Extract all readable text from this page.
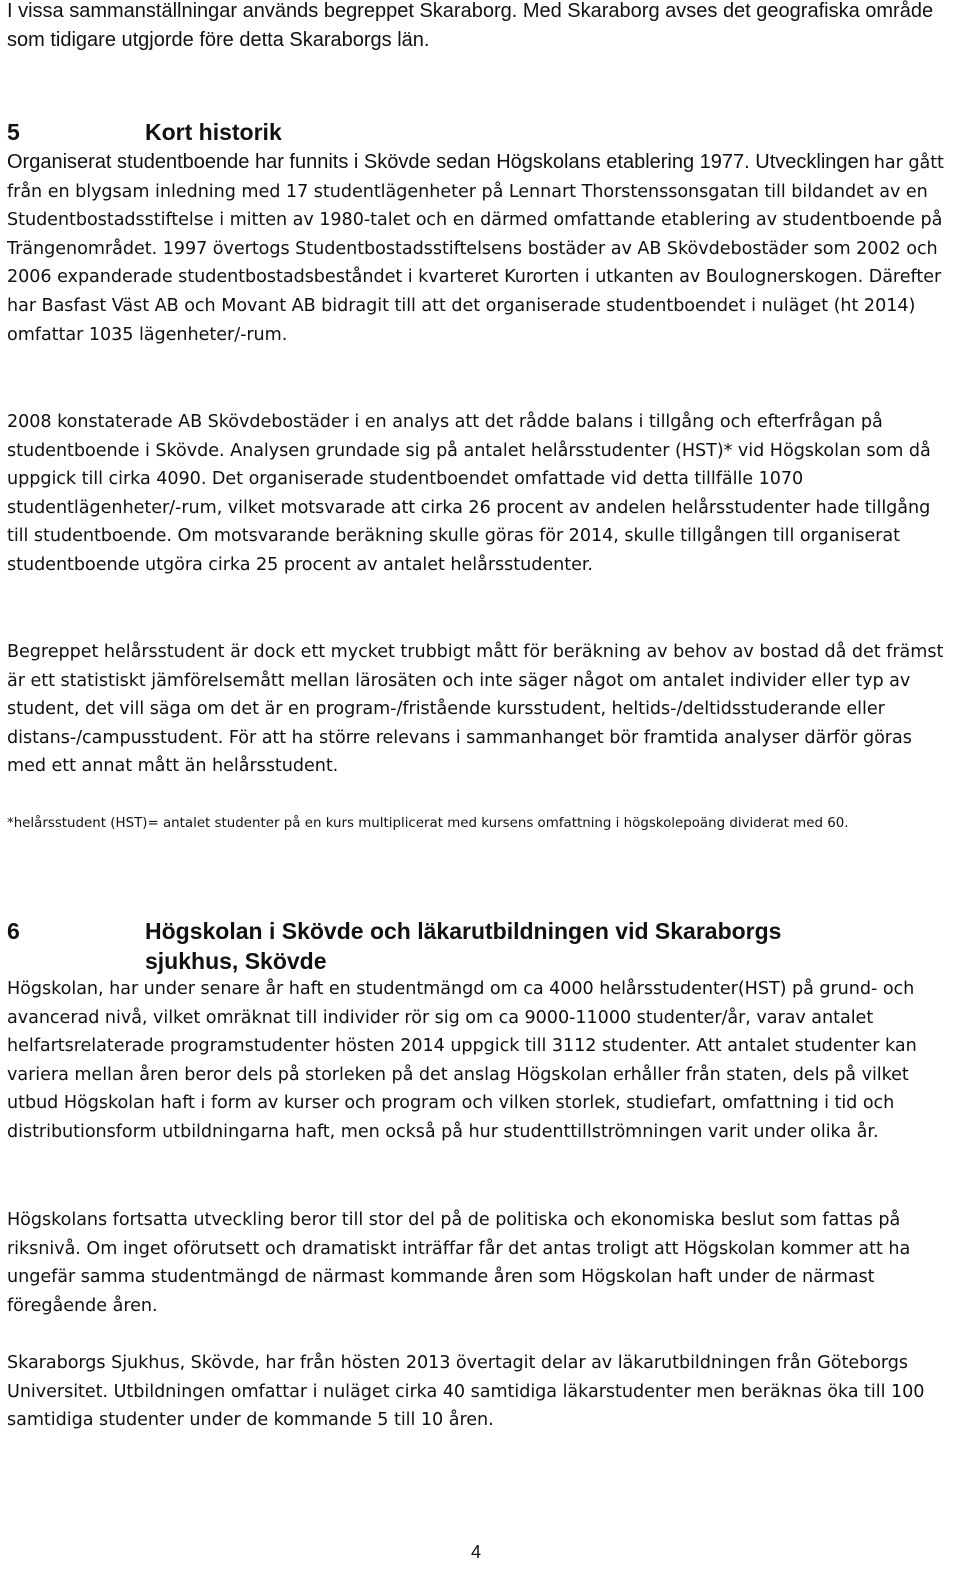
I vissa sammanställningar används begreppet Skaraborg. Med Skaraborg avses det geografiska område som tidigare utgjorde före detta Skaraborgs län.

5	Kort historik

Organiserat studentboende har funnits i Skövde sedan Högskolans etablering 1977. Utvecklingen har gått från en blygsam inledning med 17 studentlägenheter på Lennart Thorstenssonsgatan till bildandet av en Studentbostadsstiftelse i mitten av 1980-talet och en därmed omfattande etablering av studentboende på Trängenområdet. 1997 övertogs Studentbostadsstiftelsens bostäder av AB Skövdebostäder som 2002 och 2006 expanderade studentbostadsbeståndet i kvarteret Kurorten i utkanten av Boulognerskogen. Därefter har Basfast Väst AB och Movant AB bidragit till att det organiserade studentboendet i nuläget (ht 2014) omfattar 1035 lägenheter/-rum.

2008 konstaterade AB Skövdebostäder i en analys att det rådde balans i tillgång och efterfrågan på studentboende i Skövde. Analysen grundade sig på antalet helårsstudenter (HST)* vid Högskolan som då uppgick till cirka 4090. Det organiserade studentboendet omfattade vid detta tillfälle 1070 studentlägenheter/-rum, vilket motsvarade att cirka 26 procent av andelen helårsstudenter hade tillgång till studentboende. Om motsvarande beräkning skulle göras för 2014, skulle tillgången till organiserat studentboende utgöra cirka 25 procent av antalet helårsstudenter.

Begreppet helårsstudent är dock ett mycket trubbigt mått för beräkning av behov av bostad då det främst är ett statistiskt jämförelsemått mellan lärosäten och inte säger något om antalet individer eller typ av student, det vill säga om det är en program-/fristående kursstudent, heltids-/deltidsstuderande eller distans-/campusstudent. För att ha större relevans i sammanhanget bör framtida analyser därför göras med ett annat mått än helårsstudent.

*helårsstudent (HST)= antalet studenter på en kurs multiplicerat med kursens omfattning i högskolepoäng dividerat med 60.

6	Högskolan i Skövde och läkarutbildningen vid Skaraborgs
sjukhus, Skövde

Högskolan, har under senare år haft en studentmängd om ca 4000 helårsstudenter(HST) på grund- och avancerad nivå, vilket omräknat till individer rör sig om ca 9000-11000 studenter/år, varav antalet helfartsrelaterade programstudenter hösten 2014 uppgick till 3112 studenter. Att antalet studenter kan variera mellan åren beror dels på storleken på det anslag Högskolan erhåller från staten, dels på vilket utbud Högskolan haft i form av kurser och program och vilken storlek, studiefart, omfattning i tid och distributionsform utbildningarna haft, men också på hur studenttillströmningen varit under olika år.

Högskolans fortsatta utveckling beror till stor del på de politiska och ekonomiska beslut som fattas på riksnivå. Om inget oförutsett och dramatiskt inträffar får det antas troligt att Högskolan kommer att ha ungefär samma studentmängd de närmast kommande åren som Högskolan haft under de närmast föregående åren.

Skaraborgs Sjukhus, Skövde, har från hösten 2013 övertagit delar av läkarutbildningen från Göteborgs Universitet. Utbildningen omfattar i nuläget cirka 40 samtidiga läkarstudenter men beräknas öka till 100 samtidiga studenter under de kommande 5 till 10 åren.

4
